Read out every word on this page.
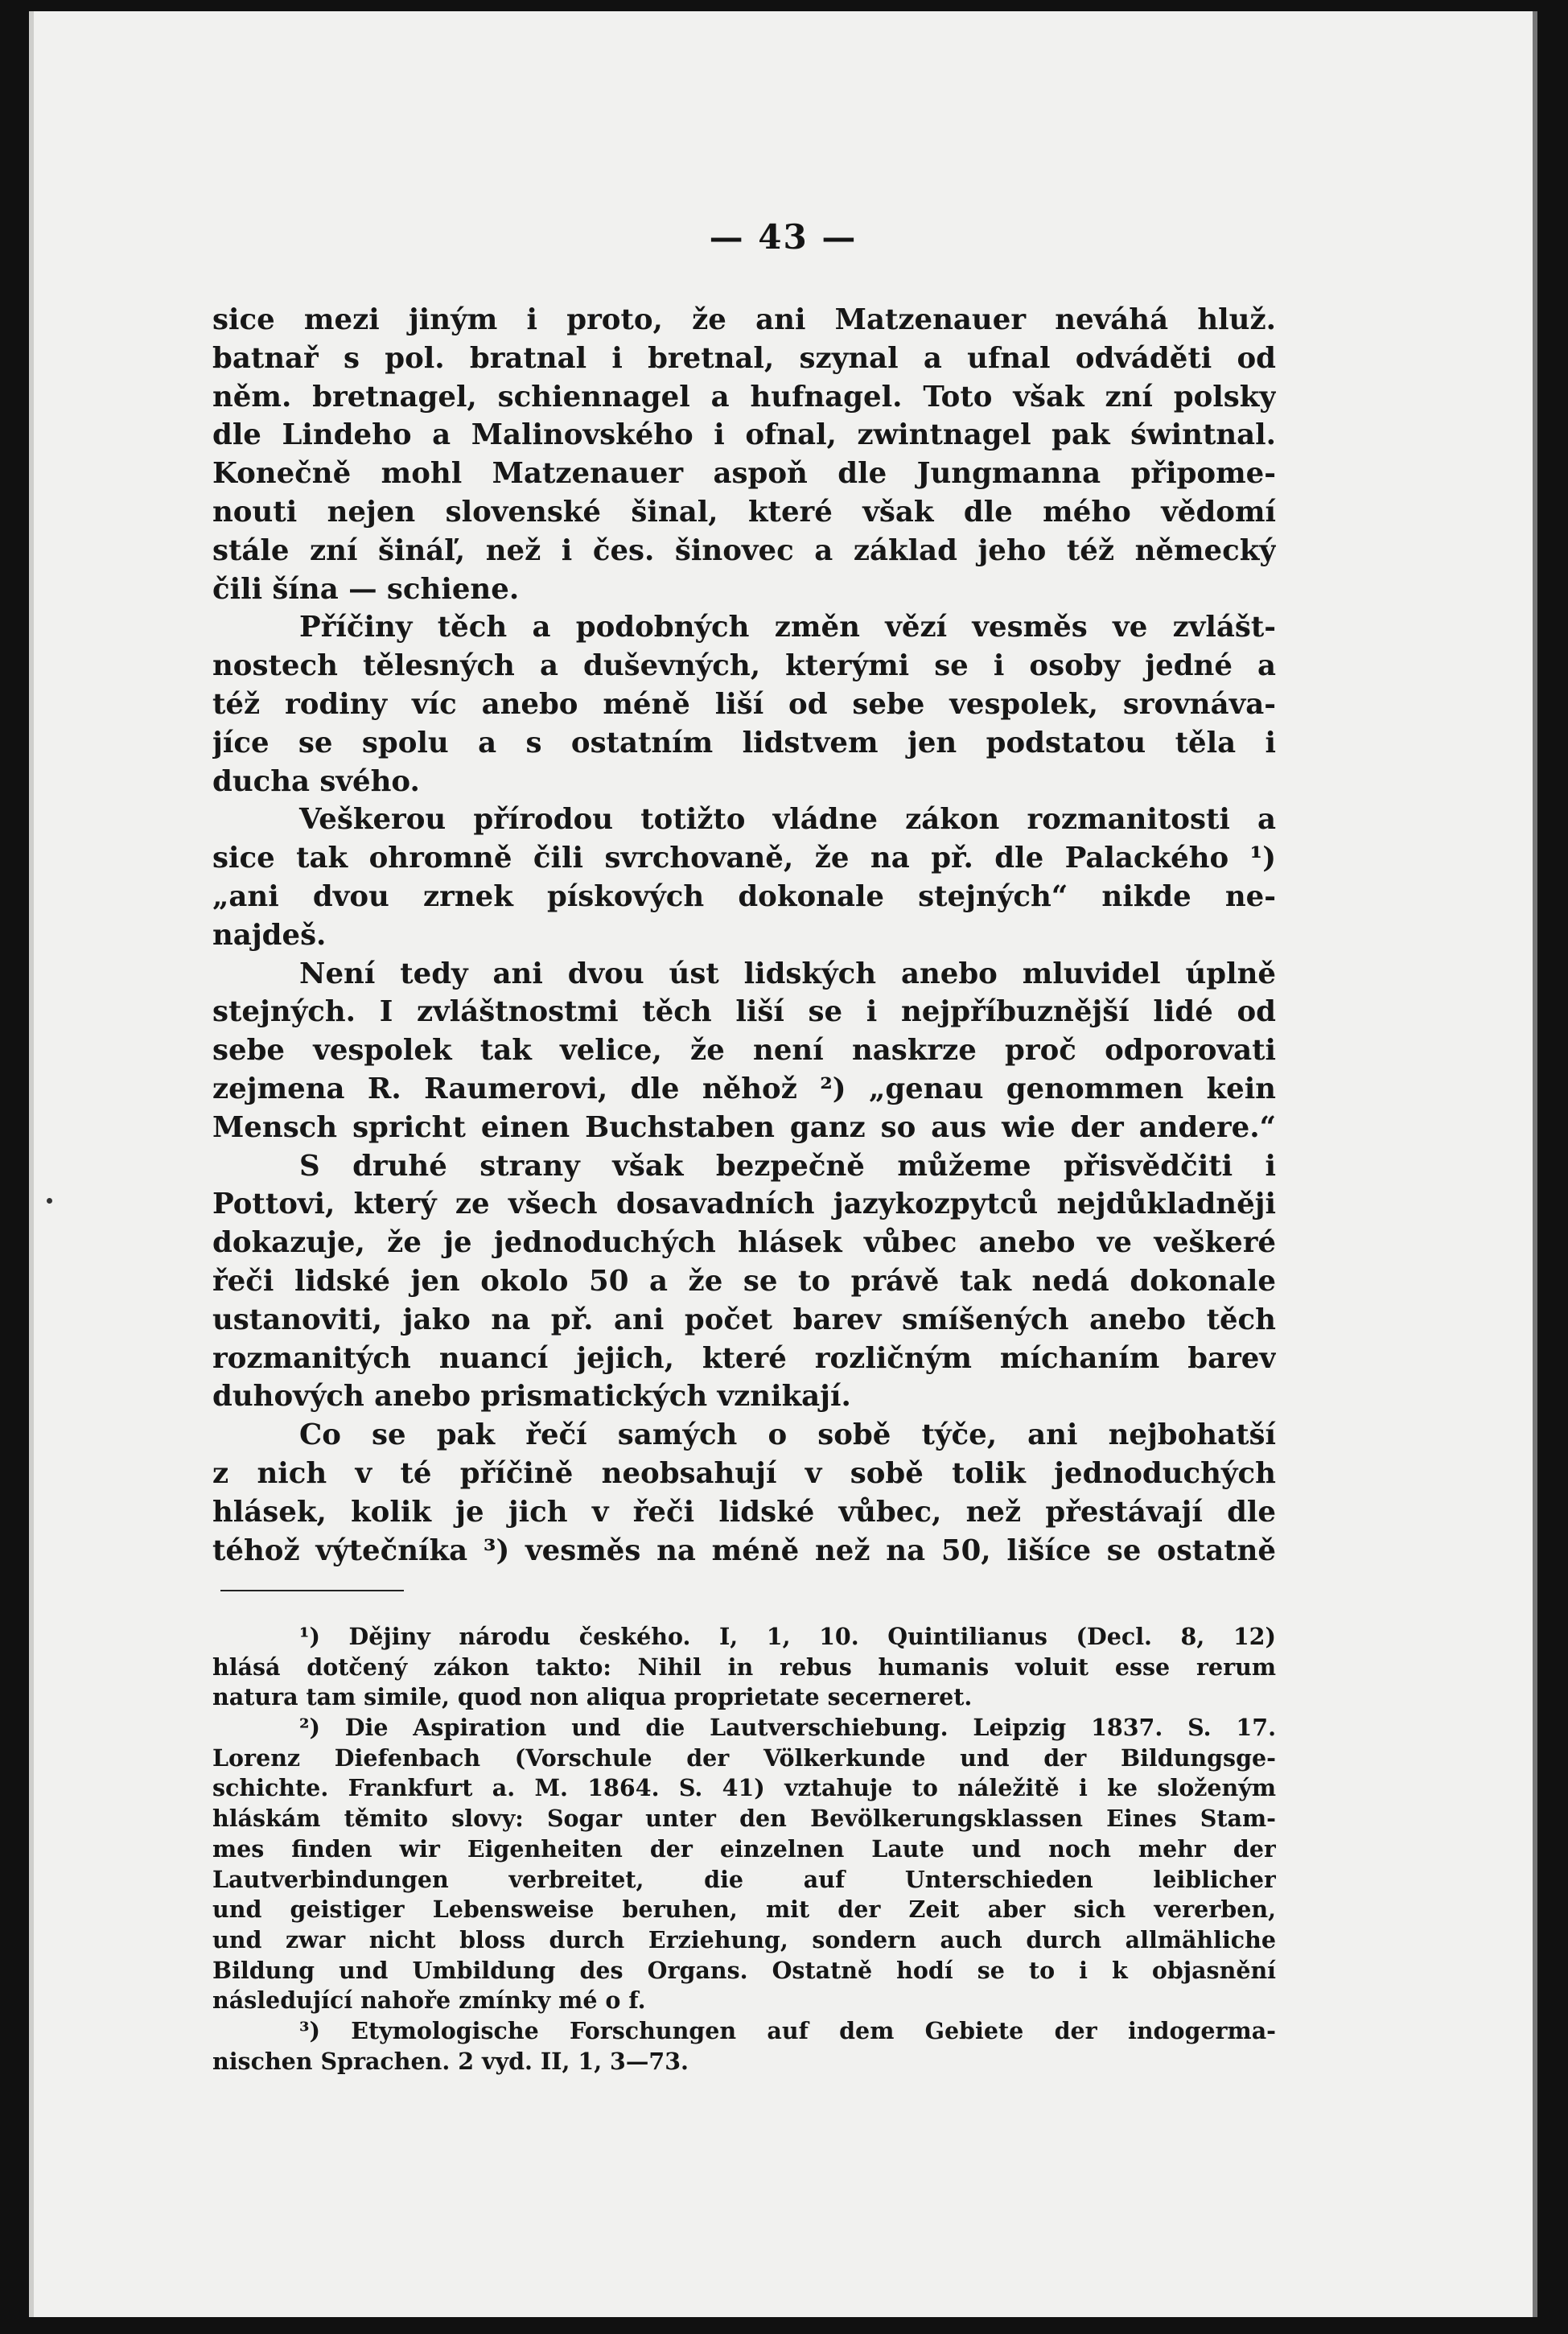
— 43 —
sice mezi jiným i proto, že ani Matzenauer neváhá hluž.
batnař s pol. bratnal i bretnal, szynal a ufnal odváděti od
něm. bretnagel, schiennagel a hufnagel. Toto však zní polsky
dle Lindeho a Malinovského i ofnal, zwintnagel pak świntnal.
Konečně mohl Matzenauer aspoň dle Jungmanna připome-
nouti nejen slovenské šinal, které však dle mého vědomí
stále zní šináľ, než i čes. šinovec a základ jeho též německý
čili šína — schiene.
Příčiny těch a podobných změn vězí vesměs ve zvlášt-
nostech tělesných a duševných, kterými se i osoby jedné a
též rodiny víc anebo méně liší od sebe vespolek, srovnáva-
jíce se spolu a s ostatním lidstvem jen podstatou těla i
ducha svého.
Veškerou přírodou totižto vládne zákon rozmanitosti a
sice tak ohromně čili svrchovaně, že na př. dle Palackého ¹)
„ani dvou zrnek pískových dokonale stejných“ nikde ne-
najdeš.
Není tedy ani dvou úst lidských anebo mluvidel úplně
stejných. I zvláštnostmi těch liší se i nejpříbuznější lidé od
sebe vespolek tak velice, že není naskrze proč odporovati
zejmena R. Raumerovi, dle něhož ²) „genau genommen kein
Mensch spricht einen Buchstaben ganz so aus wie der andere.“
S druhé strany však bezpečně můžeme přisvědčiti i
Pottovi, který ze všech dosavadních jazykozpytců nejdůkladněji
dokazuje, že je jednoduchých hlásek vůbec anebo ve veškeré
řeči lidské jen okolo 50 a že se to právě tak nedá dokonale
ustanoviti, jako na př. ani počet barev smíšených anebo těch
rozmanitých nuancí jejich, které rozličným míchaním barev
duhových anebo prismatických vznikají.
Co se pak řečí samých o sobě týče, ani nejbohatší
z nich v té příčině neobsahují v sobě tolik jednoduchých
hlásek, kolik je jich v řeči lidské vůbec, než přestávají dle
téhož výtečníka ³) vesměs na méně než na 50, lišíce se ostatně
¹) Dějiny národu českého. I, 1, 10. Quintilianus (Decl. 8, 12)
hlásá dotčený zákon takto: Nihil in rebus humanis voluit esse rerum
natura tam simile, quod non aliqua proprietate secerneret.
²) Die Aspiration und die Lautverschiebung. Leipzig 1837. S. 17.
Lorenz Diefenbach (Vorschule der Völkerkunde und der Bildungsge-
schichte. Frankfurt a. M. 1864. S. 41) vztahuje to náležitě i ke složeným
hláskám těmito slovy: Sogar unter den Bevölkerungsklassen Eines Stam-
mes finden wir Eigenheiten der einzelnen Laute und noch mehr der
Lautverbindungen verbreitet, die auf Unterschieden leiblicher
und geistiger Lebensweise beruhen, mit der Zeit aber sich vererben,
und zwar nicht bloss durch Erziehung, sondern auch durch allmähliche
Bildung und Umbildung des Organs. Ostatně hodí se to i k objasnění
následující nahoře zmínky mé o f.
³) Etymologische Forschungen auf dem Gebiete der indogerma-
nischen Sprachen. 2 vyd. II, 1, 3—73.
